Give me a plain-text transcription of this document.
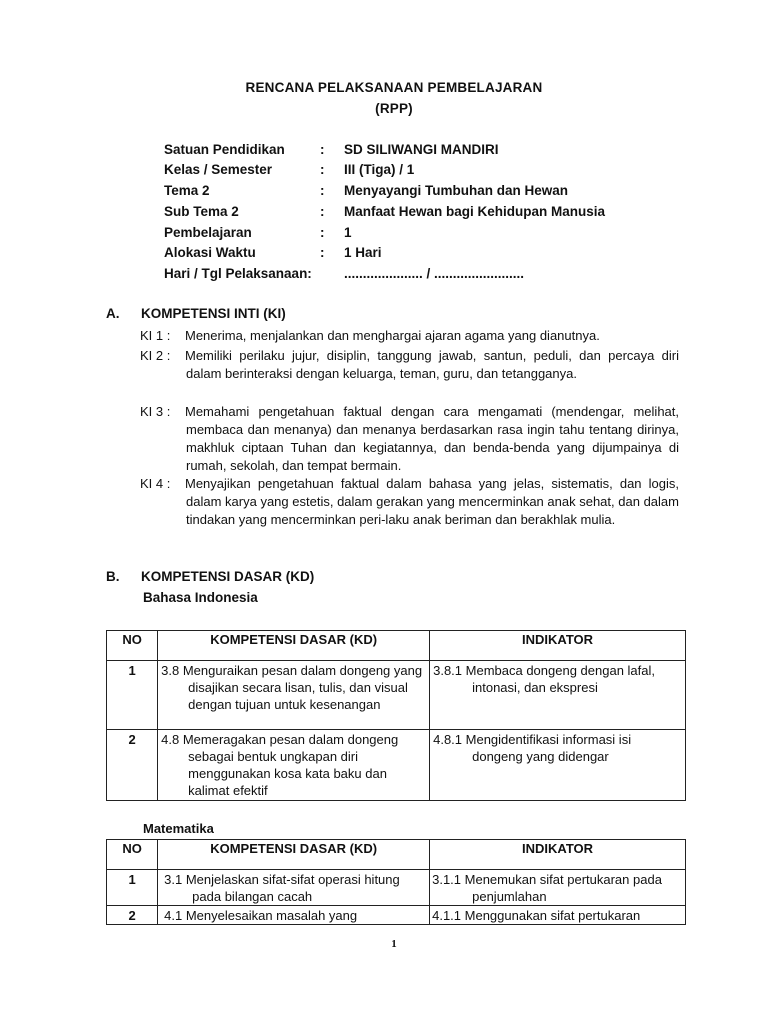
RENCANA PELAKSANAAN PEMBELAJARAN
(RPP)
Satuan Pendidikan	: SD SILIWANGI MANDIRI
Kelas / Semester	: III (Tiga) / 1
Tema 2	: Menyayangi Tumbuhan dan Hewan
Sub Tema 2	: Manfaat Hewan bagi Kehidupan Manusia
Pembelajaran	: 1
Alokasi Waktu	: 1 Hari
Hari / Tgl Pelaksanaan: ..................... / ........................
A. KOMPETENSI INTI (KI)
KI 1 : Menerima, menjalankan dan menghargai ajaran agama yang dianutnya.
KI 2 : Memiliki perilaku jujur, disiplin, tanggung jawab, santun, peduli, dan percaya diri dalam berinteraksi dengan keluarga, teman, guru, dan tetangganya.
KI 3 : Memahami pengetahuan faktual dengan cara mengamati (mendengar, melihat, membaca dan menanya) dan menanya berdasarkan rasa ingin tahu tentang dirinya, makhluk ciptaan Tuhan dan kegiatannya, dan benda-benda yang dijumpainya di rumah, sekolah, dan tempat bermain.
KI 4 : Menyajikan pengetahuan faktual dalam bahasa yang jelas, sistematis, dan logis, dalam karya yang estetis, dalam gerakan yang mencerminkan anak sehat, dan dalam tindakan yang mencerminkan peri-laku anak beriman dan berakhlak mulia.
B. KOMPETENSI DASAR (KD)
Bahasa Indonesia
NO	KOMPETENSI DASAR (KD)	INDIKATOR

1	3.8 Menguraikan pesan dalam dongeng yang disajikan secara lisan, tulis, dan visual dengan tujuan untuk kesenangan	3.8.1 Membaca dongeng dengan lafal, intonasi, dan ekspresi

2	4.8 Memeragakan pesan dalam dongeng sebagai bentuk ungkapan diri menggunakan kosa kata baku dan kalimat efektif	4.8.1 Mengidentifikasi informasi isi dongeng yang didengar
Matematika
NO	KOMPETENSI DASAR (KD)	INDIKATOR

1	3.1 Menjelaskan sifat-sifat operasi hitung pada bilangan cacah	3.1.1 Menemukan sifat pertukaran pada penjumlahan

2	4.1 Menyelesaikan masalah yang	4.1.1 Menggunakan sifat pertukaran
1
